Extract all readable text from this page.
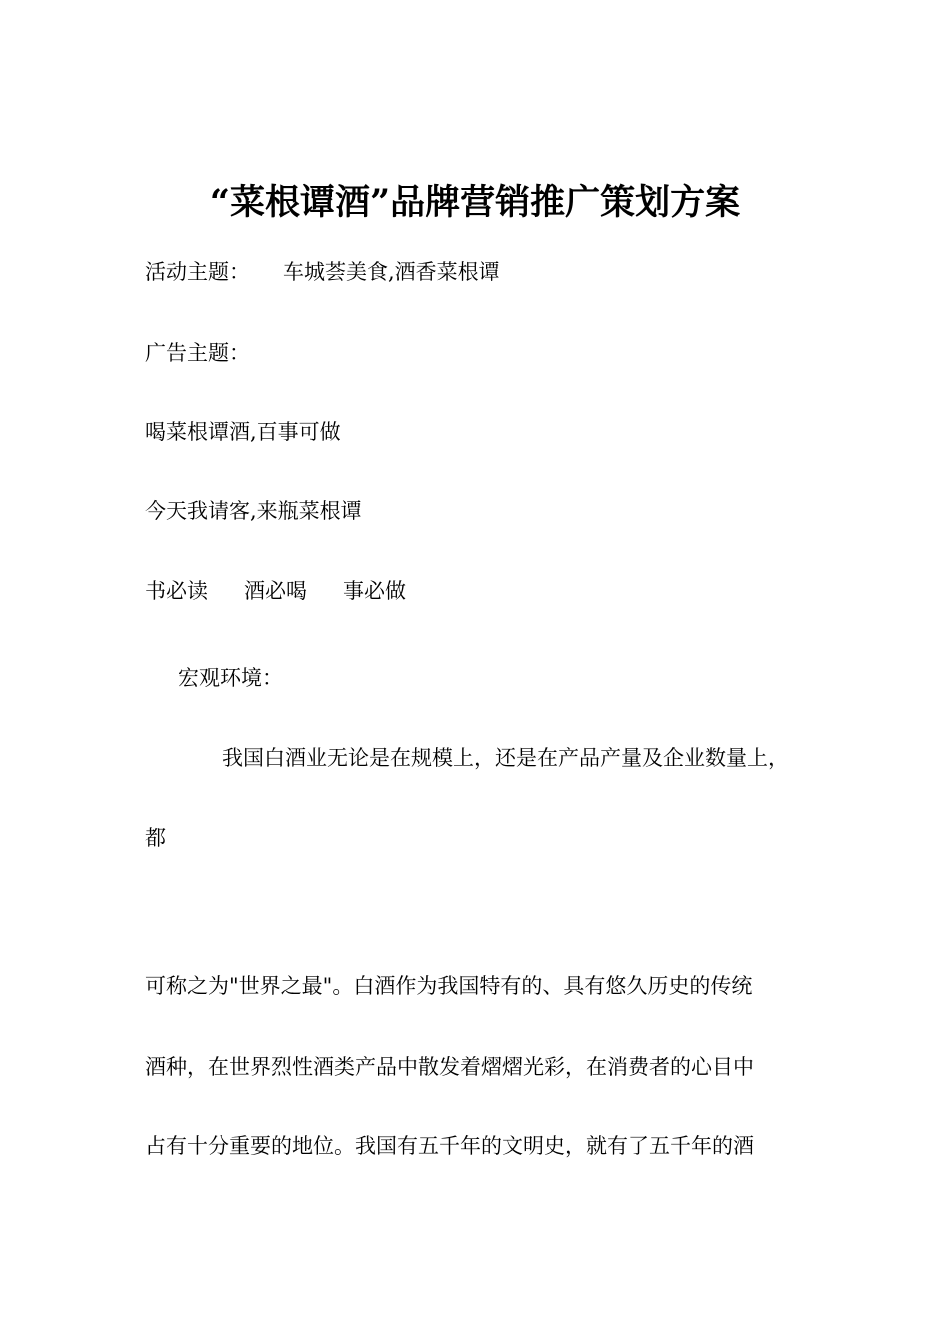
“菜根谭酒”品牌营销推广策划方案
活动主题： 车城荟美食,酒香菜根谭
广告主题：
喝菜根谭酒,百事可做
今天我请客,来瓶菜根谭
书必读 酒必喝 事必做
宏观环境：
我国白酒业无论是在规模上，还是在产品产量及企业数量上，
都
可称之为"世界之最"。白酒作为我国特有的、具有悠久历史的传统
酒种，在世界烈性酒类产品中散发着熠熠光彩，在消费者的心目中
占有十分重要的地位。我国有五千年的文明史，就有了五千年的酒
